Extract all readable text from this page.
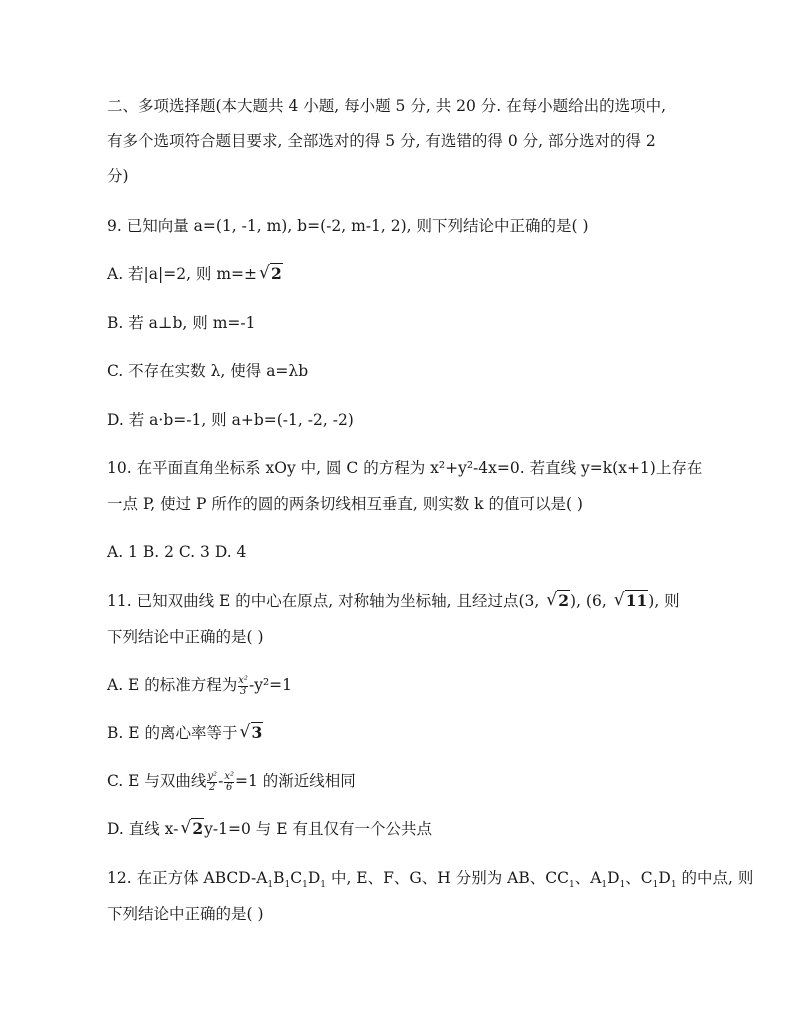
二、多项选择题(本大题共 4 小题, 每小题 5 分, 共 20 分. 在每小题给出的选项中,
有多个选项符合题目要求, 全部选对的得 5 分, 有选错的得 0 分, 部分选对的得 2
分)
9. 已知向量 a=(1, -1, m), b=(-2, m-1, 2), 则下列结论中正确的是( )
A. 若|a|=2, 则 m=± √ 2
B. 若 a⊥b, 则 m=-1
C. 不存在实数 λ, 使得 a=λb
D. 若 a·b=-1, 则 a+b=(-1, -2, -2)
10. 在平面直角坐标系 xOy 中, 圆 C 的方程为 x²+y²-4x=0. 若直线 y=k(x+1)上存在
一点 P, 使过 P 所作的圆的两条切线相互垂直, 则实数 k 的值可以是( )
A. 1 B. 2 C. 3 D. 4
11. 已知双曲线 E 的中心在原点, 对称轴为坐标轴, 且经过点(3, √ 2), (6, √ 11), 则
下列结论中正确的是( )
A. E 的标准方程为 $\frac{\text{x²}}{3} -y^2=1$
B. E 的离心率等于 √ 3
C. E 与双曲线 $\frac{\text{y²}}{2} - \frac{\text{x²}}{6} =1$ 的渐近线相同
D. 直线 x- √ 2y-1=0 与 E 有且仅有一个公共点
12. 在正方体 ABCD-$A_1B_1C_1D_1$ 中, E、F、G、H 分别为 AB、$CC_1$、$A_1D_1$、$C_1D_1$ 的中点, 则
下列结论中正确的是( )
